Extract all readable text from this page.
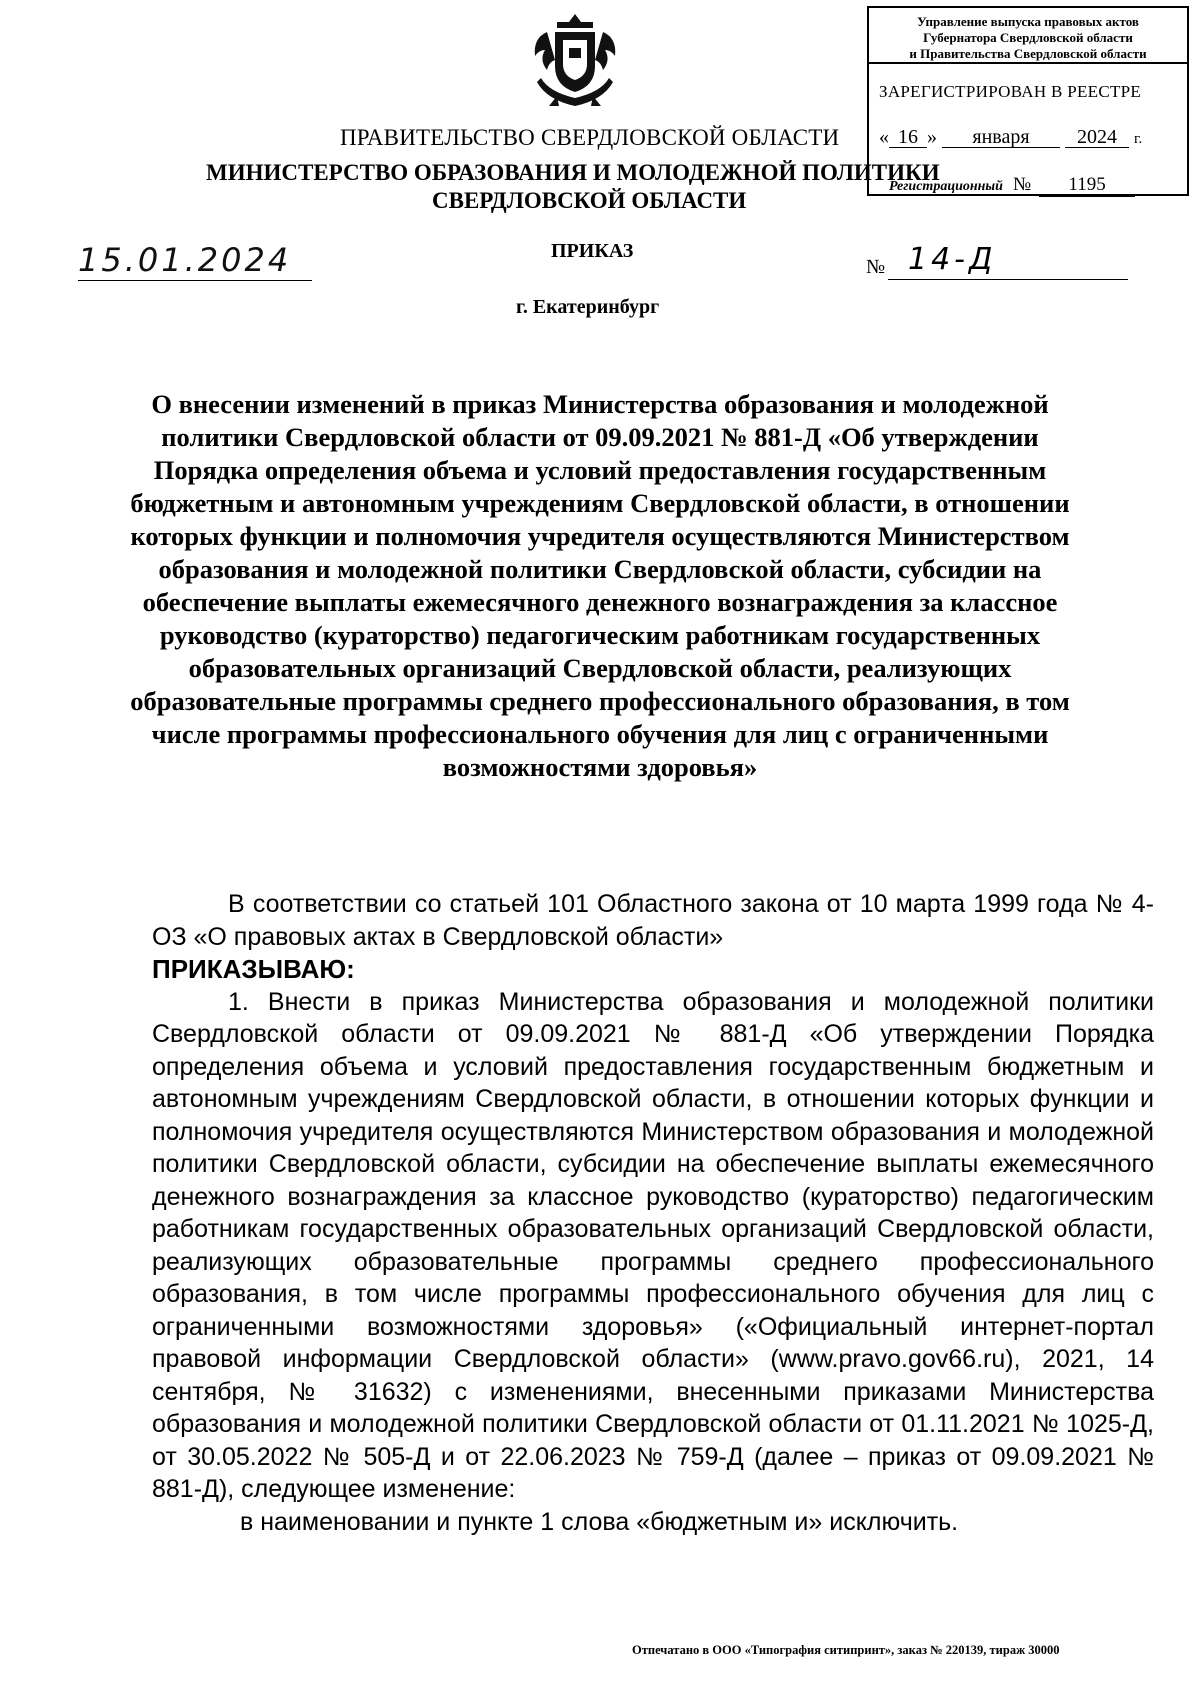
Управление выпуска правовых актов
Губернатора Свердловской области
и Правительства Свердловской области
ЗАРЕГИСТРИРОВАН В РЕЕСТРЕ
« 16 » января 2024 г.
Регистрационный № 1195
ПРАВИТЕЛЬСТВО СВЕРДЛОВСКОЙ ОБЛАСТИ
МИНИСТЕРСТВО ОБРАЗОВАНИЯ И МОЛОДЕЖНОЙ ПОЛИТИКИ
СВЕРДЛОВСКОЙ ОБЛАСТИ
15.01.2024	ПРИКАЗ
№ 14-Д
г. Екатеринбург
О внесении изменений в приказ Министерства образования и молодежной политики Свердловской области от 09.09.2021 № 881-Д «Об утверждении Порядка определения объема и условий предоставления государственным бюджетным и автономным учреждениям Свердловской области, в отношении которых функции и полномочия учредителя осуществляются Министерством образования и молодежной политики Свердловской области, субсидии на обеспечение выплаты ежемесячного денежного вознаграждения за классное руководство (кураторство) педагогическим работникам государственных образовательных организаций Свердловской области, реализующих образовательные программы среднего профессионального образования, в том числе программы профессионального обучения для лиц с ограниченными возможностями здоровья»

В соответствии со статьей 101 Областного закона от 10 марта 1999 года № 4-ОЗ «О правовых актах в Свердловской области»

ПРИКАЗЫВАЮ:

1. Внести в приказ Министерства образования и молодежной политики Свердловской области от 09.09.2021 № 881-Д «Об утверждении Порядка определения объема и условий предоставления государственным бюджетным и автономным учреждениям Свердловской области, в отношении которых функции и полномочия учредителя осуществляются Министерством образования и молодежной политики Свердловской области, субсидии на обеспечение выплаты ежемесячного денежного вознаграждения за классное руководство (кураторство) педагогическим работникам государственных образовательных организаций Свердловской области, реализующих образовательные программы среднего профессионального образования, в том числе программы профессионального обучения для лиц с ограниченными возможностями здоровья» («Официальный интернет-портал правовой информации Свердловской области» (www.pravo.gov66.ru), 2021, 14 сентября, № 31632) с изменениями, внесенными приказами Министерства образования и молодежной политики Свердловской области от 01.11.2021 № 1025-Д, от 30.05.2022 № 505-Д и от 22.06.2023 № 759-Д (далее – приказ от 09.09.2021 № 881-Д), следующее изменение:

в наименовании и пункте 1 слова «бюджетным и» исключить.

Отпечатано в ООО «Типография ситипринт», заказ № 220139, тираж 30000
